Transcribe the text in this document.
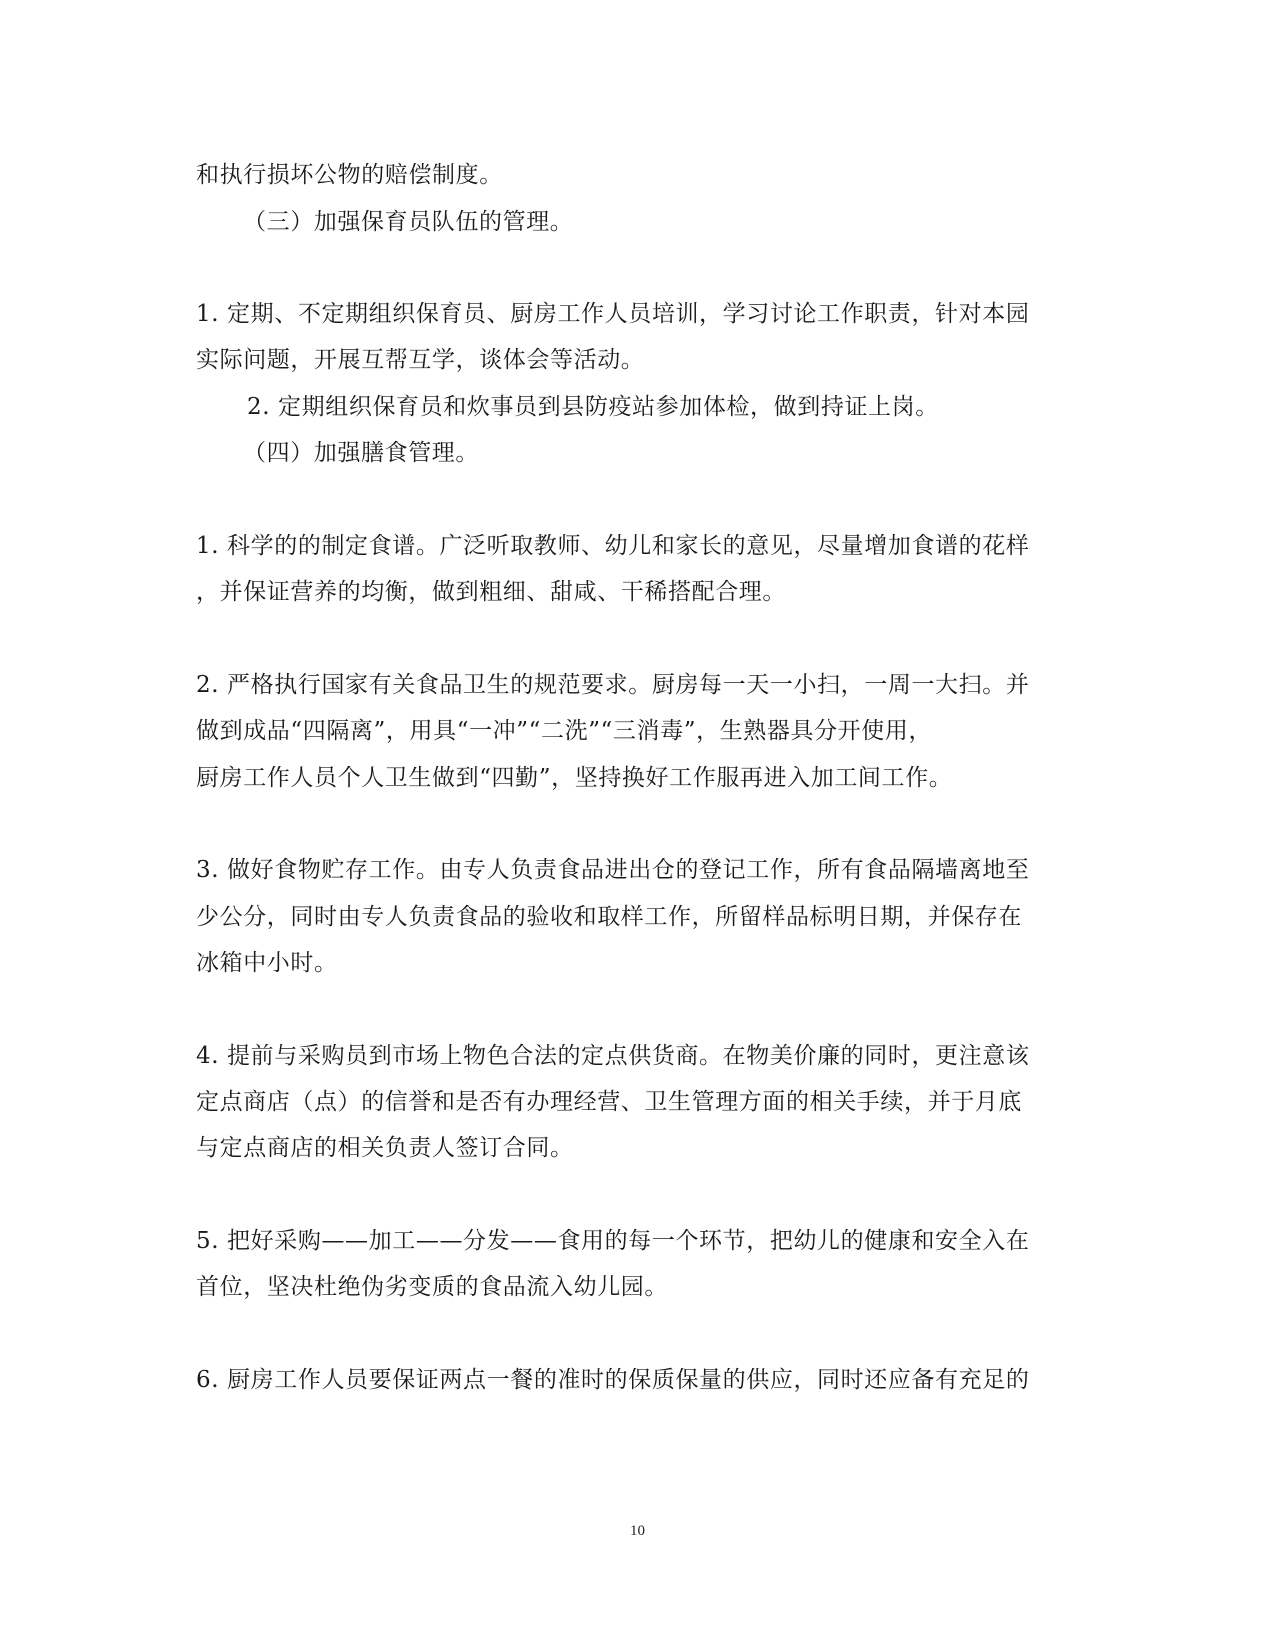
和执行损坏公物的赔偿制度。
（三）加强保育员队伍的管理。
1. 定期、不定期组织保育员、厨房工作人员培训，学习讨论工作职责，针对本园
实际问题，开展互帮互学，谈体会等活动。
2. 定期组织保育员和炊事员到县防疫站参加体检，做到持证上岗。
（四）加强膳食管理。
1. 科学的的制定食谱。广泛听取教师、幼儿和家长的意见，尽量增加食谱的花样
，并保证营养的均衡，做到粗细、甜咸、干稀搭配合理。
2. 严格执行国家有关食品卫生的规范要求。厨房每一天一小扫，一周一大扫。并
做到成品“四隔离”，用具“一冲”“二洗”“三消毒”，生熟器具分开使用，
厨房工作人员个人卫生做到“四勤”，坚持换好工作服再进入加工间工作。
3. 做好食物贮存工作。由专人负责食品进出仓的登记工作，所有食品隔墙离地至
少公分，同时由专人负责食品的验收和取样工作，所留样品标明日期，并保存在
冰箱中小时。
4. 提前与采购员到市场上物色合法的定点供货商。在物美价廉的同时，更注意该
定点商店（点）的信誉和是否有办理经营、卫生管理方面的相关手续，并于月底
与定点商店的相关负责人签订合同。
5. 把好采购——加工——分发——食用的每一个环节，把幼儿的健康和安全入在
首位，坚决杜绝伪劣变质的食品流入幼儿园。
6. 厨房工作人员要保证两点一餐的准时的保质保量的供应，同时还应备有充足的
10
